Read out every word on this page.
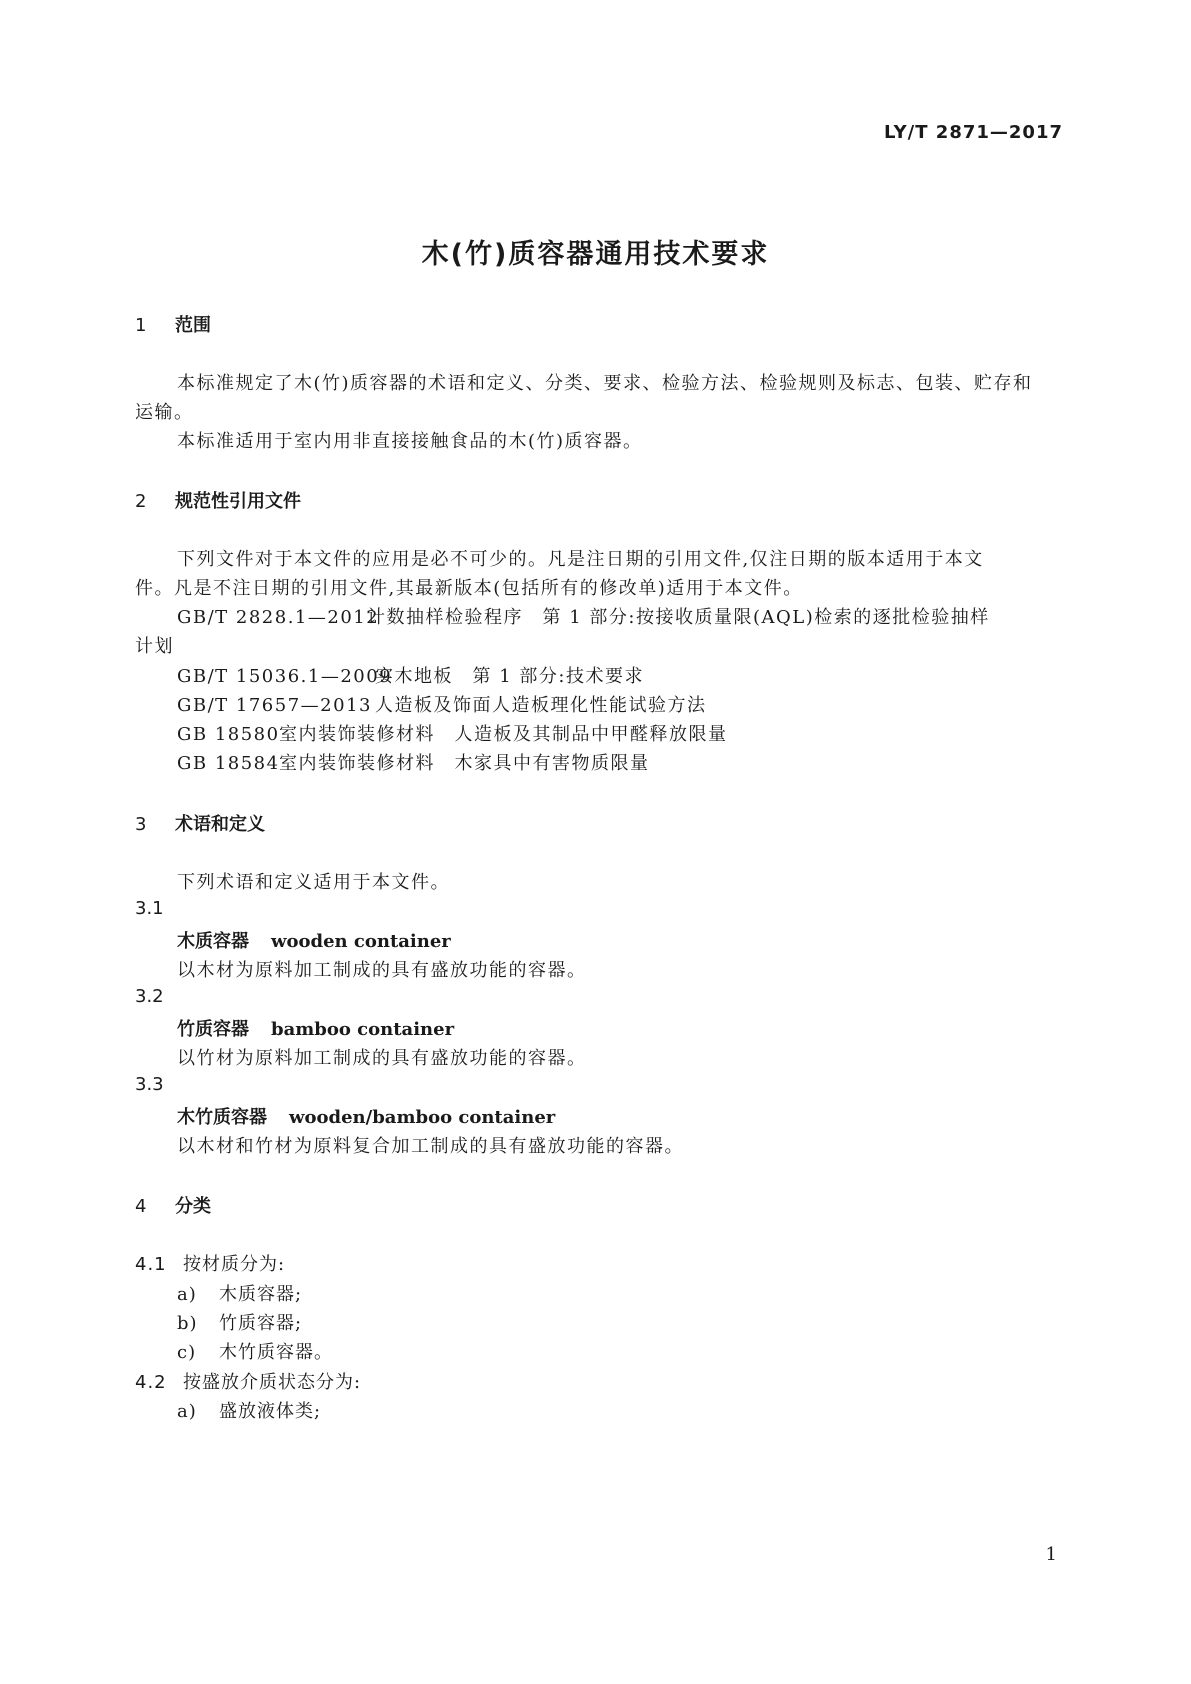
LY/T 2871—2017
木(竹)质容器通用技术要求
1 范围
本标准规定了木(竹)质容器的术语和定义、分类、要求、检验方法、检验规则及标志、包装、贮存和
运输。
本标准适用于室内用非直接接触食品的木(竹)质容器。
2 规范性引用文件
下列文件对于本文件的应用是必不可少的。凡是注日期的引用文件,仅注日期的版本适用于本文
件。凡是不注日期的引用文件,其最新版本(包括所有的修改单)适用于本文件。
GB/T 2828.1—2012计数抽样检验程序　第 1 部分:按接收质量限(AQL)检索的逐批检验抽样
计划
GB/T 15036.1—2009实木地板　第 1 部分:技术要求
GB/T 17657—2013 人造板及饰面人造板理化性能试验方法
GB 18580室内装饰装修材料　人造板及其制品中甲醛释放限量
GB 18584室内装饰装修材料　木家具中有害物质限量
3 术语和定义
下列术语和定义适用于本文件。
3.1
木质容器 wooden container
以木材为原料加工制成的具有盛放功能的容器。
3.2
竹质容器 bamboo container
以竹材为原料加工制成的具有盛放功能的容器。
3.3
木竹质容器 wooden/bamboo container
以木材和竹材为原料复合加工制成的具有盛放功能的容器。
4 分类
4.1 按材质分为:
a) 木质容器;
b) 竹质容器;
c) 木竹质容器。
4.2 按盛放介质状态分为:
a) 盛放液体类;
1
